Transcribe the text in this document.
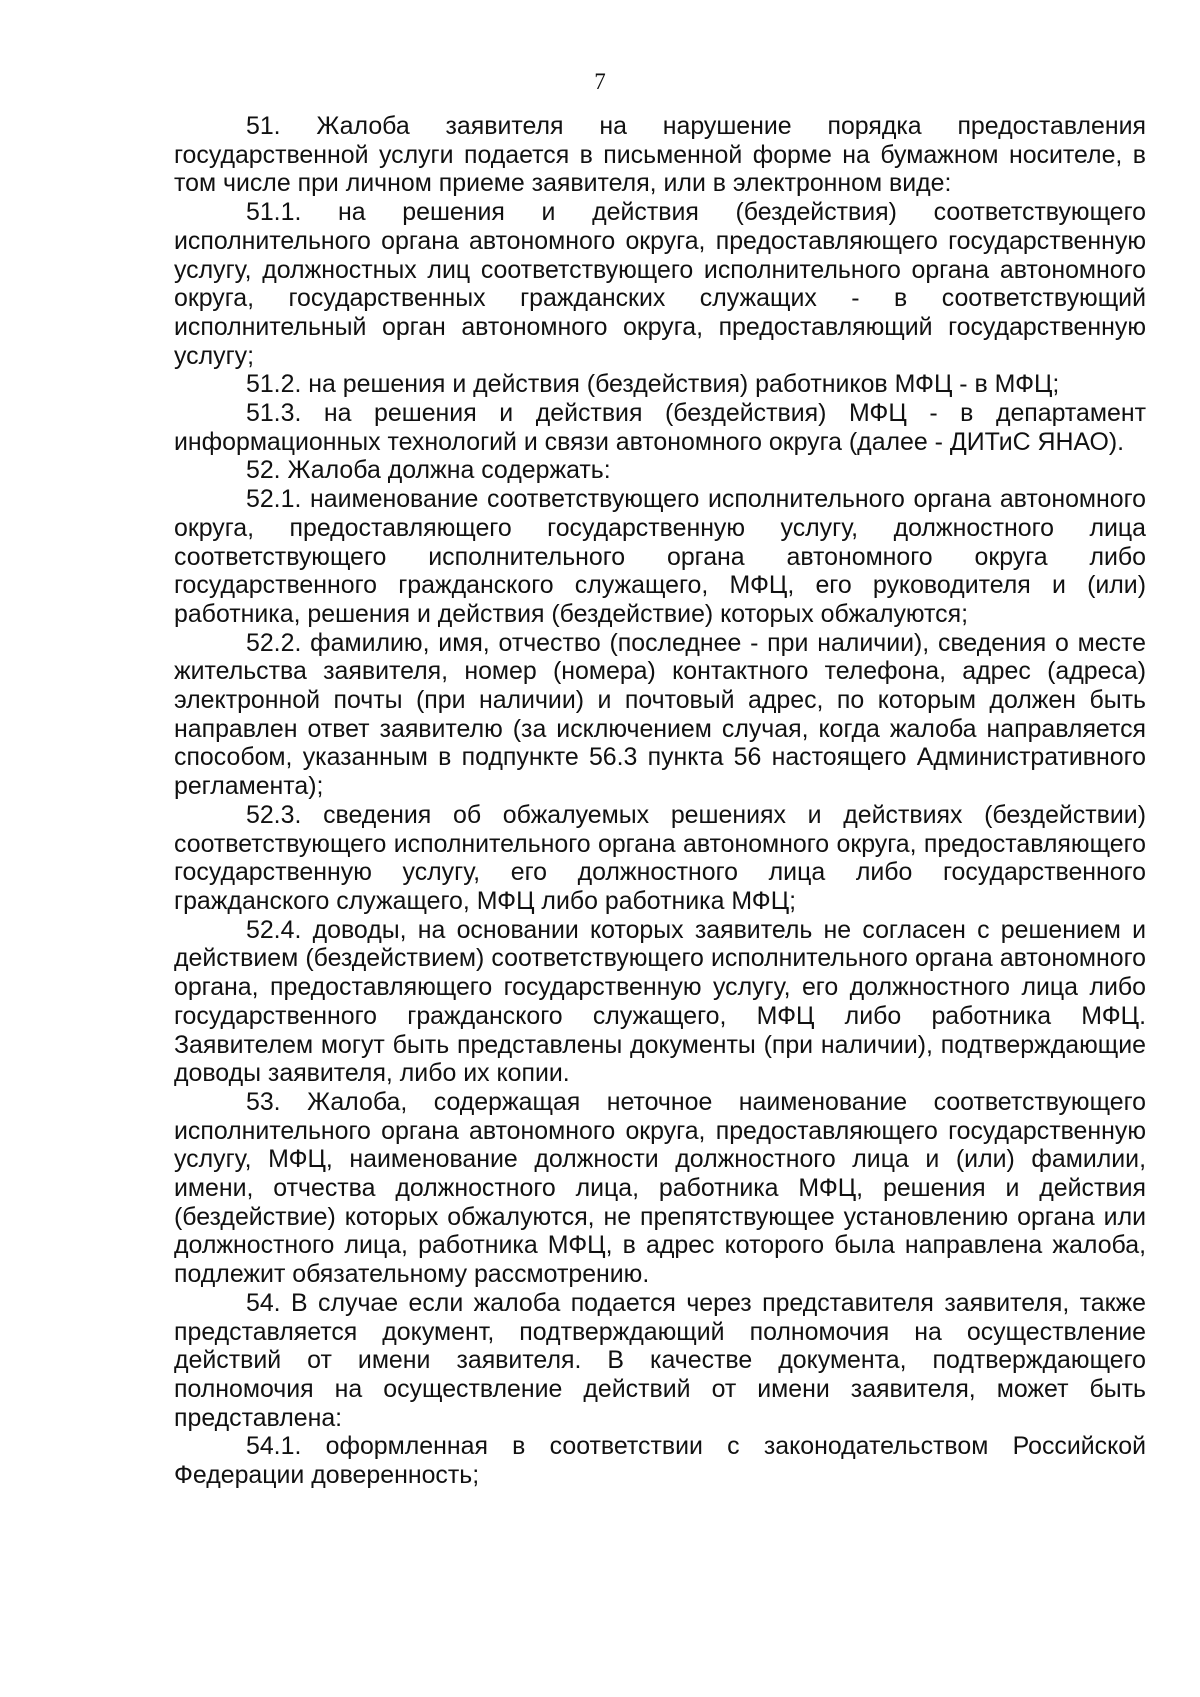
7

51. Жалоба заявителя на нарушение порядка предоставления государственной услуги подается в письменной форме на бумажном носителе, в том числе при личном приеме заявителя, или в электронном виде:

51.1. на решения и действия (бездействия) соответствующего исполнительного органа автономного округа, предоставляющего государственную услугу, должностных лиц соответствующего исполнительного органа автономного округа, государственных гражданских служащих - в соответствующий исполнительный орган автономного округа, предоставляющий государственную услугу;

51.2. на решения и действия (бездействия) работников МФЦ - в МФЦ;

51.3. на решения и действия (бездействия) МФЦ - в департамент информационных технологий и связи автономного округа (далее - ДИТиС ЯНАО).

52. Жалоба должна содержать:

52.1. наименование соответствующего исполнительного органа автономного округа, предоставляющего государственную услугу, должностного лица соответствующего исполнительного органа автономного округа либо государственного гражданского служащего, МФЦ, его руководителя и (или) работника, решения и действия (бездействие) которых обжалуются;

52.2. фамилию, имя, отчество (последнее - при наличии), сведения о месте жительства заявителя, номер (номера) контактного телефона, адрес (адреса) электронной почты (при наличии) и почтовый адрес, по которым должен быть направлен ответ заявителю (за исключением случая, когда жалоба направляется способом, указанным в подпункте 56.3 пункта 56 настоящего Административного регламента);

52.3. сведения об обжалуемых решениях и действиях (бездействии) соответствующего исполнительного органа автономного округа, предоставляющего государственную услугу, его должностного лица либо государственного гражданского служащего, МФЦ либо работника МФЦ;

52.4. доводы, на основании которых заявитель не согласен с решением и действием (бездействием) соответствующего исполнительного органа автономного органа, предоставляющего государственную услугу, его должностного лица либо государственного гражданского служащего, МФЦ либо работника МФЦ. Заявителем могут быть представлены документы (при наличии), подтверждающие доводы заявителя, либо их копии.

53. Жалоба, содержащая неточное наименование соответствующего исполнительного органа автономного округа, предоставляющего государственную услугу, МФЦ, наименование должности должностного лица и (или) фамилии, имени, отчества должностного лица, работника МФЦ, решения и действия (бездействие) которых обжалуются, не препятствующее установлению органа или должностного лица, работника МФЦ, в адрес которого была направлена жалоба, подлежит обязательному рассмотрению.

54. В случае если жалоба подается через представителя заявителя, также представляется документ, подтверждающий полномочия на осуществление действий от имени заявителя. В качестве документа, подтверждающего полномочия на осуществление действий от имени заявителя, может быть представлена:

54.1. оформленная в соответствии с законодательством Российской Федерации доверенность;
